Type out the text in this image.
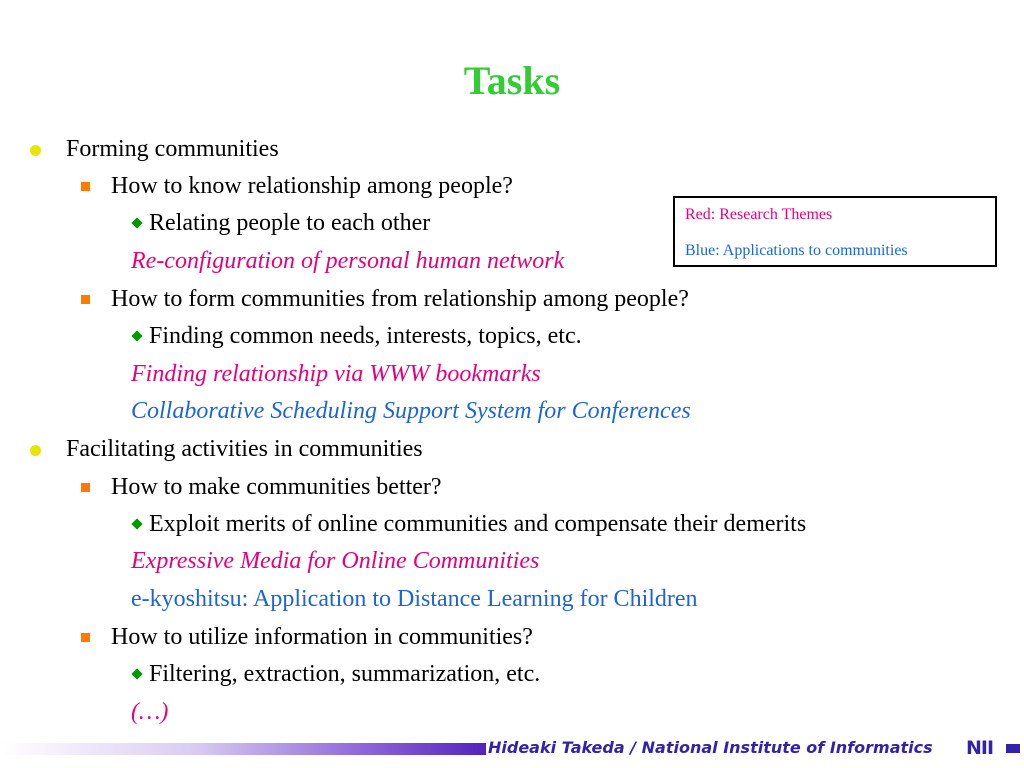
Tasks
Forming communities
How to know relationship among people?
Relating people to each other
Re-configuration of personal human network
How to form communities from relationship among people?
Finding common needs, interests, topics, etc.
Finding relationship via WWW bookmarks
Collaborative Scheduling Support System for Conferences
Facilitating activities in communities
How to make communities better?
Exploit merits of online communities and compensate their demerits
Expressive Media for Online Communities
e-kyoshitsu: Application to Distance Learning for Children
How to utilize information in communities?
Filtering, extraction, summarization, etc.
(…)
Red: Research Themes
Blue: Applications to communities
Hideaki Takeda / National Institute of Informatics NII
